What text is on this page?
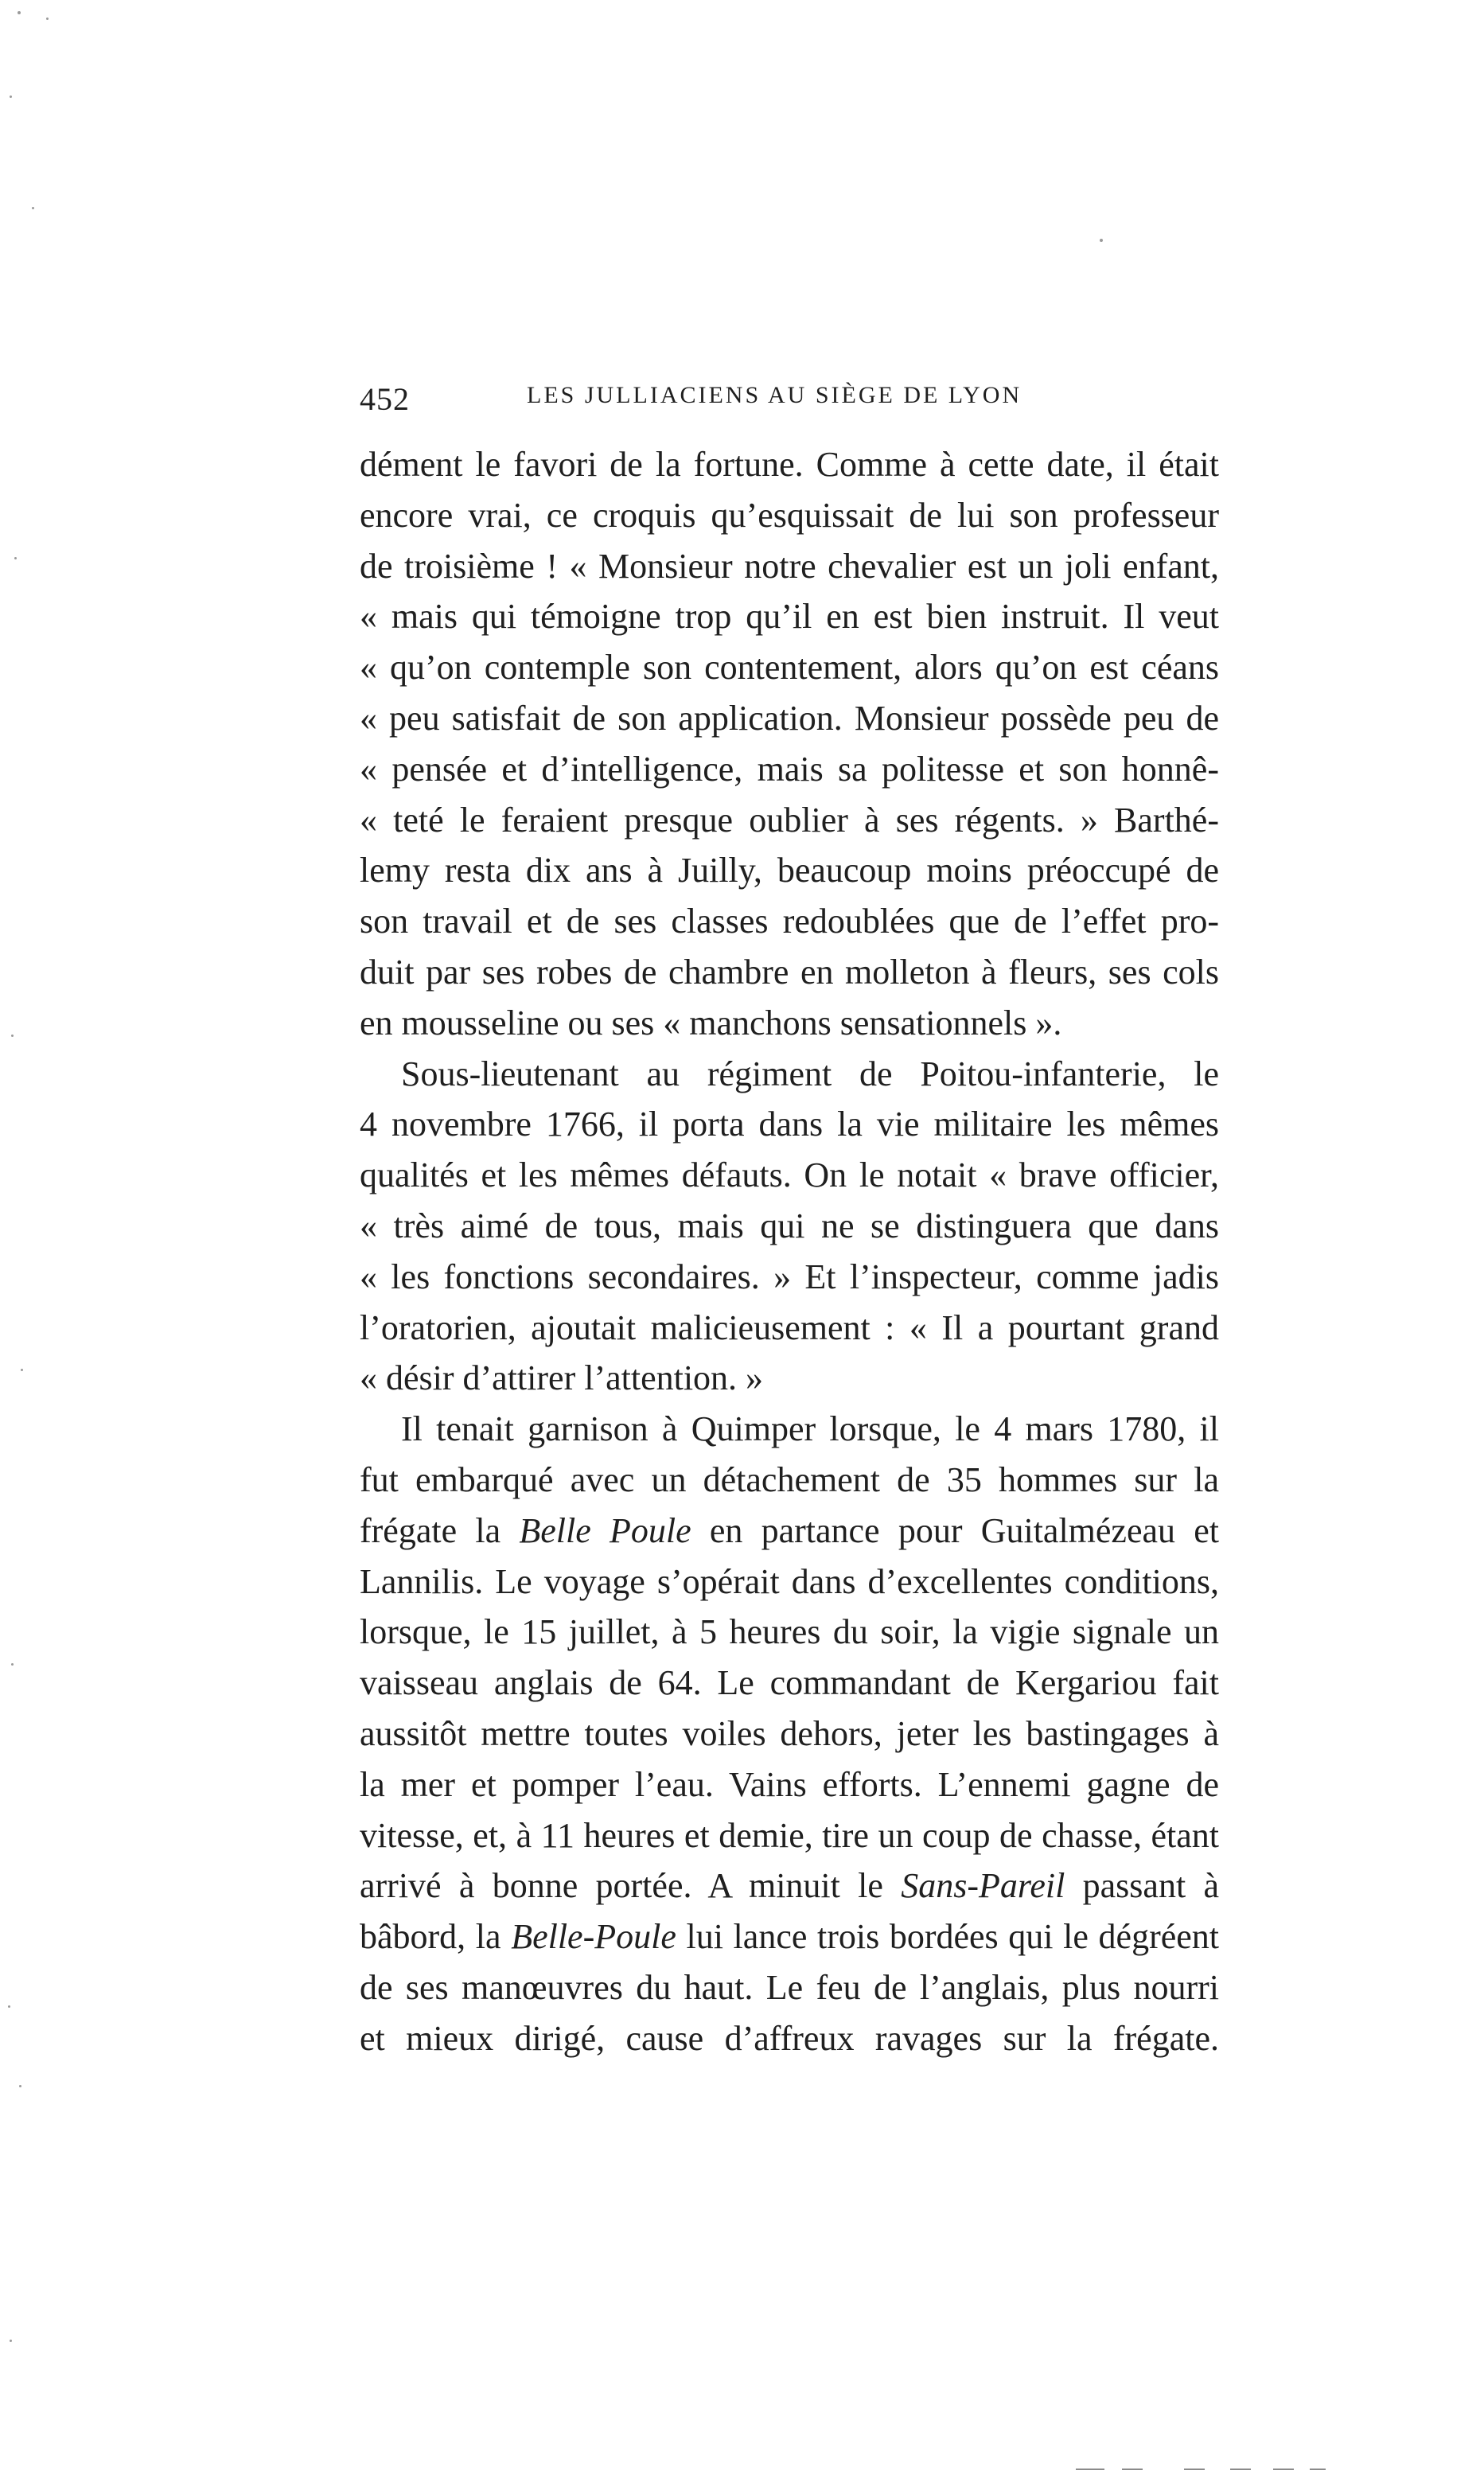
452	LES JULLIACIENS AU SIÈGE DE LYON
dément le favori de la fortune. Comme à cette date, il était
encore vrai, ce croquis qu’esquissait de lui son professeur
de troisième ! « Monsieur notre chevalier est un joli enfant,
« mais qui témoigne trop qu’il en est bien instruit. Il veut
« qu’on contemple son contentement, alors qu’on est céans
« peu satisfait de son application. Monsieur possède peu de
« pensée et d’intelligence, mais sa politesse et son honnê-
« teté le feraient presque oublier à ses régents. » Barthé-
lemy resta dix ans à Juilly, beaucoup moins préoccupé de
son travail et de ses classes redoublées que de l’effet pro-
duit par ses robes de chambre en molleton à fleurs, ses cols
en mousseline ou ses « manchons sensationnels ».
Sous-lieutenant au régiment de Poitou-infanterie, le
4 novembre 1766, il porta dans la vie militaire les mêmes
qualités et les mêmes défauts. On le notait « brave officier,
« très aimé de tous, mais qui ne se distinguera que dans
« les fonctions secondaires. » Et l’inspecteur, comme jadis
l’oratorien, ajoutait malicieusement : « Il a pourtant grand
« désir d’attirer l’attention. »
Il tenait garnison à Quimper lorsque, le 4 mars 1780, il
fut embarqué avec un détachement de 35 hommes sur la
frégate la Belle Poule en partance pour Guitalmézeau et
Lannilis. Le voyage s’opérait dans d’excellentes conditions,
lorsque, le 15 juillet, à 5 heures du soir, la vigie signale un
vaisseau anglais de 64. Le commandant de Kergariou fait
aussitôt mettre toutes voiles dehors, jeter les bastingages à
la mer et pomper l’eau. Vains efforts. L’ennemi gagne de
vitesse, et, à 11 heures et demie, tire un coup de chasse, étant
arrivé à bonne portée. A minuit le Sans-Pareil passant à
bâbord, la Belle-Poule lui lance trois bordées qui le dégréent
de ses manœuvres du haut. Le feu de l’anglais, plus nourri
et mieux dirigé, cause d’affreux ravages sur la frégate.
